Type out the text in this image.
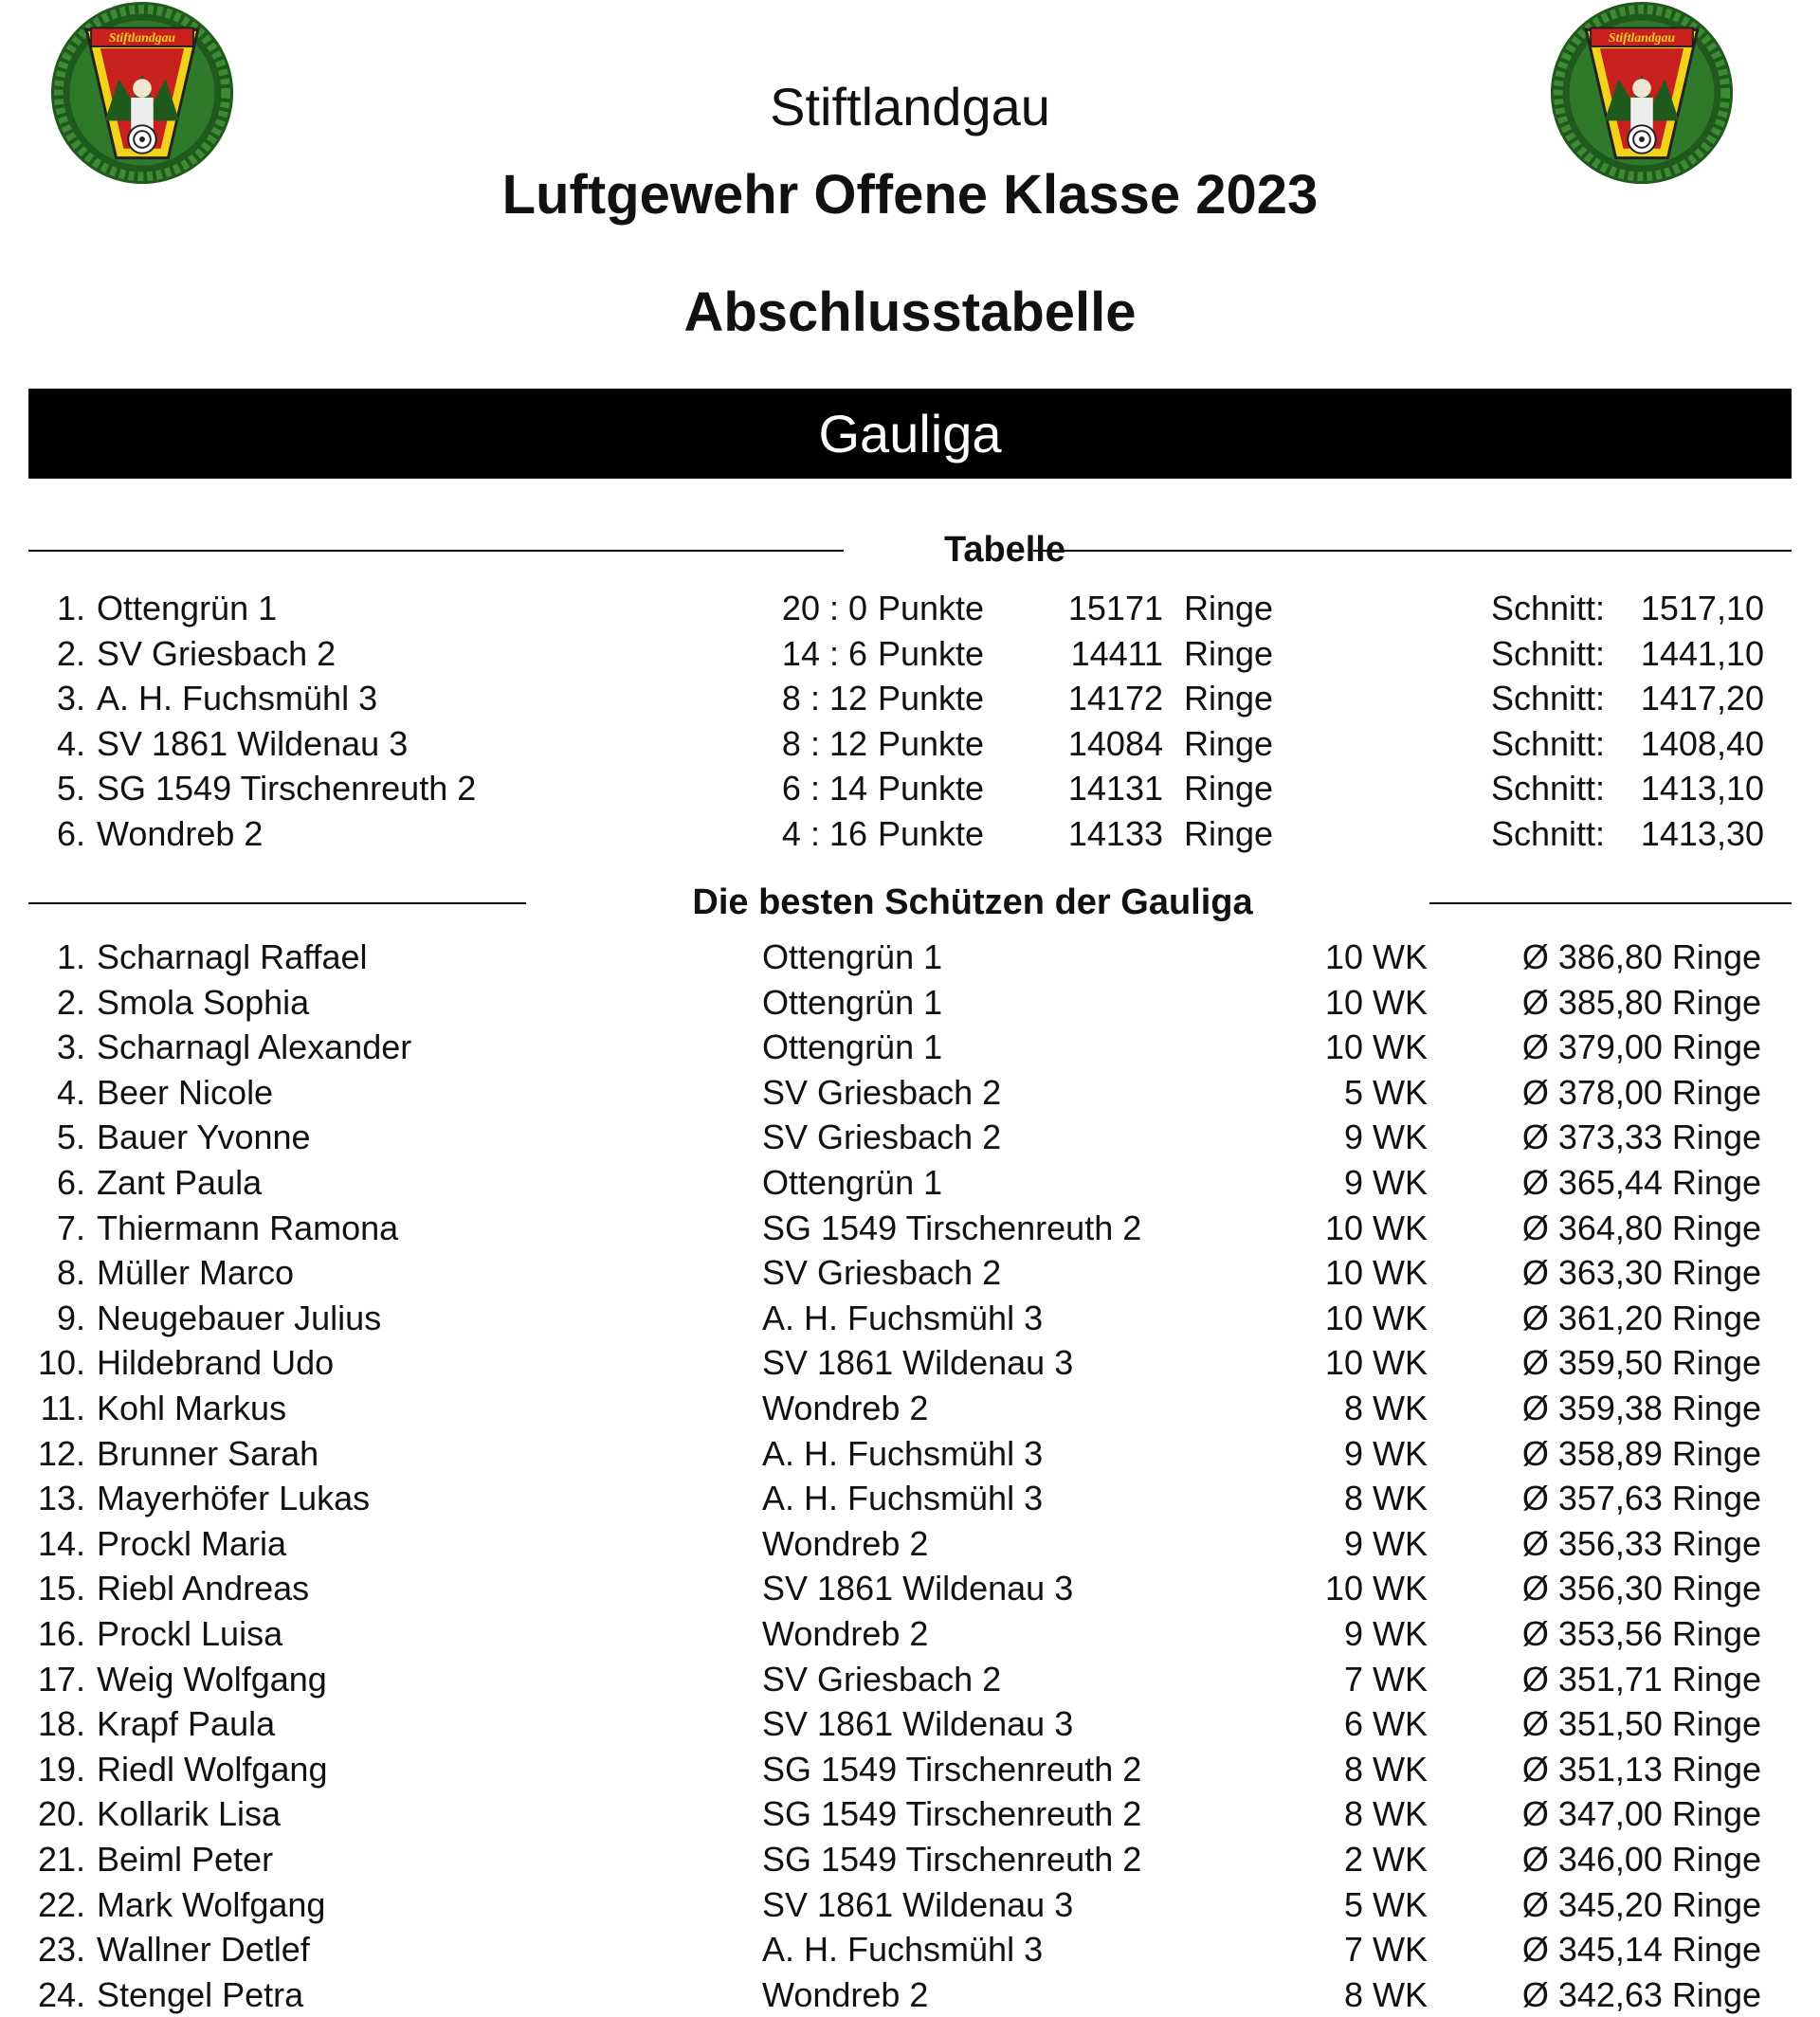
Stiftlandgau	Stiftlandgau
Stiftlandgau
Luftgewehr Offene Klasse 2023
Abschlusstabelle
Gauliga
Tabelle
1. Ottengrün 1	20 : 0 Punkte	15171 Ringe	Schnitt:	1517,10
2. SV Griesbach 2	14 : 6 Punkte	14411 Ringe	Schnitt:	1441,10
3. A. H. Fuchsmühl 3	8 : 12 Punkte	14172 Ringe	Schnitt:	1417,20
4. SV 1861 Wildenau 3	8 : 12 Punkte	14084 Ringe	Schnitt:	1408,40
5. SG 1549 Tirschenreuth 2	6 : 14 Punkte	14131 Ringe	Schnitt:	1413,10
6. Wondreb 2	4 : 16 Punkte	14133 Ringe	Schnitt:	1413,30
Die besten Schützen der Gauliga
1. Scharnagl Raffael	Ottengrün 1	10 WK	Ø 386,80 Ringe
2. Smola Sophia	Ottengrün 1	10 WK	Ø 385,80 Ringe
3. Scharnagl Alexander	Ottengrün 1	10 WK	Ø 379,00 Ringe
4. Beer Nicole	SV Griesbach 2	5 WK	Ø 378,00 Ringe
5. Bauer Yvonne	SV Griesbach 2	9 WK	Ø 373,33 Ringe
6. Zant Paula	Ottengrün 1	9 WK	Ø 365,44 Ringe
7. Thiermann Ramona	SG 1549 Tirschenreuth 2	10 WK	Ø 364,80 Ringe
8. Müller Marco	SV Griesbach 2	10 WK	Ø 363,30 Ringe
9. Neugebauer Julius	A. H. Fuchsmühl 3	10 WK	Ø 361,20 Ringe
10. Hildebrand Udo	SV 1861 Wildenau 3	10 WK	Ø 359,50 Ringe
11. Kohl Markus	Wondreb 2	8 WK	Ø 359,38 Ringe
12. Brunner Sarah	A. H. Fuchsmühl 3	9 WK	Ø 358,89 Ringe
13. Mayerhöfer Lukas	A. H. Fuchsmühl 3	8 WK	Ø 357,63 Ringe
14. Prockl Maria	Wondreb 2	9 WK	Ø 356,33 Ringe
15. Riebl Andreas	SV 1861 Wildenau 3	10 WK	Ø 356,30 Ringe
16. Prockl Luisa	Wondreb 2	9 WK	Ø 353,56 Ringe
17. Weig Wolfgang	SV Griesbach 2	7 WK	Ø 351,71 Ringe
18. Krapf Paula	SV 1861 Wildenau 3	6 WK	Ø 351,50 Ringe
19. Riedl Wolfgang	SG 1549 Tirschenreuth 2	8 WK	Ø 351,13 Ringe
20. Kollarik Lisa	SG 1549 Tirschenreuth 2	8 WK	Ø 347,00 Ringe
21. Beiml Peter	SG 1549 Tirschenreuth 2	2 WK	Ø 346,00 Ringe
22. Mark Wolfgang	SV 1861 Wildenau 3	5 WK	Ø 345,20 Ringe
23. Wallner Detlef	A. H. Fuchsmühl 3	7 WK	Ø 345,14 Ringe
24. Stengel Petra	Wondreb 2	8 WK	Ø 342,63 Ringe
